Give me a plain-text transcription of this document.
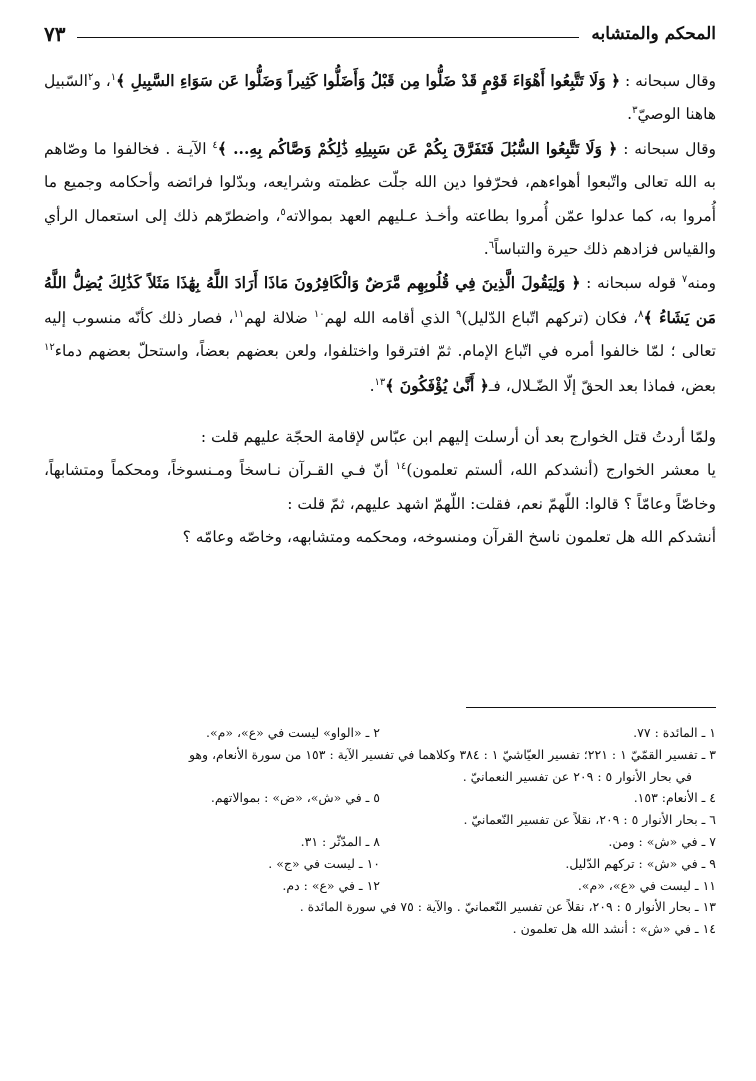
المحكم والمتشابه
٧٣

وقال سبحانه : ﴿ وَلَا تَتَّبِعُوا أَهْوَاءَ قَوْمٍ قَدْ ضَلُّوا مِن قَبْلُ وَأَضَلُّوا كَثِيراً وَضَلُّوا عَن سَوَاءِ السَّبِيلِ ﴾$^١$، و$^٢$السّبيل هاهنا الوصيّ$^٣$.

وقال سبحانه : ﴿ وَلَا تَتَّبِعُوا السُّبُلَ فَتَفَرَّقَ بِكُمْ عَن سَبِيلِهِ ذَٰلِكُمْ وَصَّاكُم بِهِ... ﴾$^٤$ الآيـة . فخالفوا ما وصّاهم به الله تعالى واتّبعوا أهواءهم، فحرّفوا دين الله جلّت عظمته وشرايعه، وبدّلوا فرائضه وأحكامه وجميع ما أُمروا به، كما عدلوا عمّن أُمروا بطاعته وأخـذ عـليهم العهد بموالاته$^٥$، واضطرّهم ذلك إلى استعمال الرأي والقياس فزادهم ذلك حيرة والتباساً$^٦$.

ومنه$^٧$ قوله سبحانه : ﴿ وَلِيَقُولَ الَّذِينَ فِي قُلُوبِهِم مَّرَضٌ وَالْكَافِرُونَ مَاذَا أَرَادَ اللَّهُ بِهَٰذَا مَثَلاً كَذَٰلِكَ يُضِلُّ اللَّهُ مَن يَشَاءُ ﴾$^٨$، فكان (تركهم اتّباع الدّليل)$^٩$ الذي أقامه الله لهم$^{١٠}$ ضلالة لهم$^{١١}$، فصار ذلك كأنّه منسوب إليه تعالى ؛ لمّا خالفوا أمره في اتّباع الإمام. ثمّ افترقوا واختلفوا، ولعن بعضهم بعضاً، واستحلّ بعضهم دماء$^{١٢}$ بعض، فماذا بعد الحقّ إلّا الضّـلال، فـ﴿ أَنَّىٰ يُؤْفَكُونَ ﴾$^{١٣}$.

ولمّا أردتُ قتل الخوارج بعد أن أرسلت إليهم ابن عبّاس لإقامة الحجّة عليهم قلت :

يا معشر الخوارج (أنشدكم الله، ألستم تعلمون)$^{١٤}$ أنّ فـي القـرآن نـاسخاً ومـنسوخاً، ومحكماً ومتشابهاً، وخاصّاً وعامّاً ؟ قالوا: اللّهمّ نعم، فقلت: اللّهمّ اشهد عليهم، ثمّ قلت :

أنشدكم الله هل تعلمون ناسخ القرآن ومنسوخه، ومحكمه ومتشابهه، وخاصّه وعامّه ؟

١ ـ المائدة : ٧٧.
٢ ـ «الواو» ليست في «ع»، «م».
٣ ـ تفسير القمّيّ ١ : ٢٢١؛ تفسير العيّاشيّ ١ : ٣٨٤ وكلاهما في تفسير الآية : ١٥٣ من سورة الأنعام، وهو
في بحار الأنوار ٥ : ٢٠٩ عن تفسير النعمانيّ .
٤ ـ الأنعام: ١٥٣.
٥ ـ في «ش»، «ض» : بموالاتهم.
٦ ـ بحار الأنوار ٥ : ٢٠٩، نقلاً عن تفسير النّعمانيّ .
٧ ـ في «ش» : ومن.
٨ ـ المدّثّر : ٣١.
٩ ـ في «ش» : تركهم الدّليل.
١٠ ـ ليست في «ج» .
١١ ـ ليست في «ع»، «م».
١٢ ـ في «ع» : دم.
١٣ ـ بحار الأنوار ٥ : ٢٠٩، نقلاً عن تفسير النّعمانيّ . والآية : ٧٥ في سورة المائدة .
١٤ ـ في «ش» : أنشد الله هل تعلمون .
